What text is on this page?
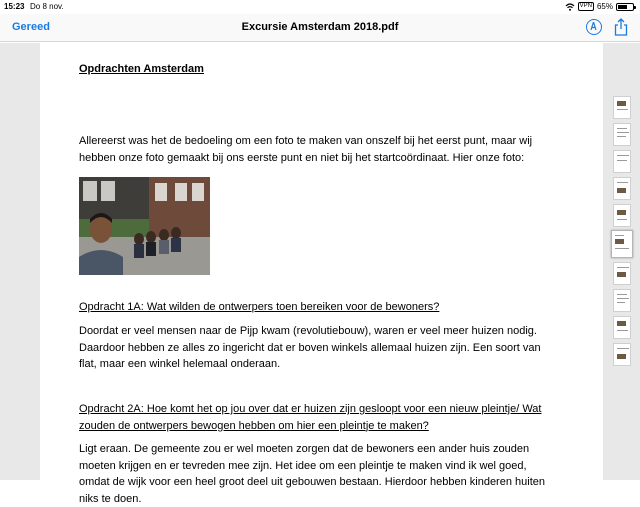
15:23 Do 8 nov.	VPN 65%
Gereed	Excursie Amsterdam 2018.pdf
Opdrachten Amsterdam
Allereerst was het de bedoeling om een foto te maken van onszelf bij het eerst punt, maar wij hebben onze foto gemaakt bij ons eerste punt en niet bij het startcoördinaat. Hier onze foto:
Opdracht 1A: Wat wilden de ontwerpers toen bereiken voor de bewoners?
Doordat er veel mensen naar de Pijp kwam (revolutiebouw), waren er veel meer huizen nodig. Daardoor hebben ze alles zo ingericht dat er boven winkels allemaal huizen zijn. Een soort van flat, maar een winkel helemaal onderaan.
Opdracht 2A: Hoe komt het op jou over dat er huizen zijn gesloopt voor een nieuw pleintje/ Wat zouden de ontwerpers bewogen hebben om hier een pleintje te maken?
Ligt eraan. De gemeente zou er wel moeten zorgen dat de bewoners een ander huis zouden moeten krijgen en er tevreden mee zijn. Het idee om een pleintje te maken vind ik wel goed, omdat de wijk voor een heel groot deel uit gebouwen bestaan. Hierdoor hebben kinderen huiten niks te doen.
